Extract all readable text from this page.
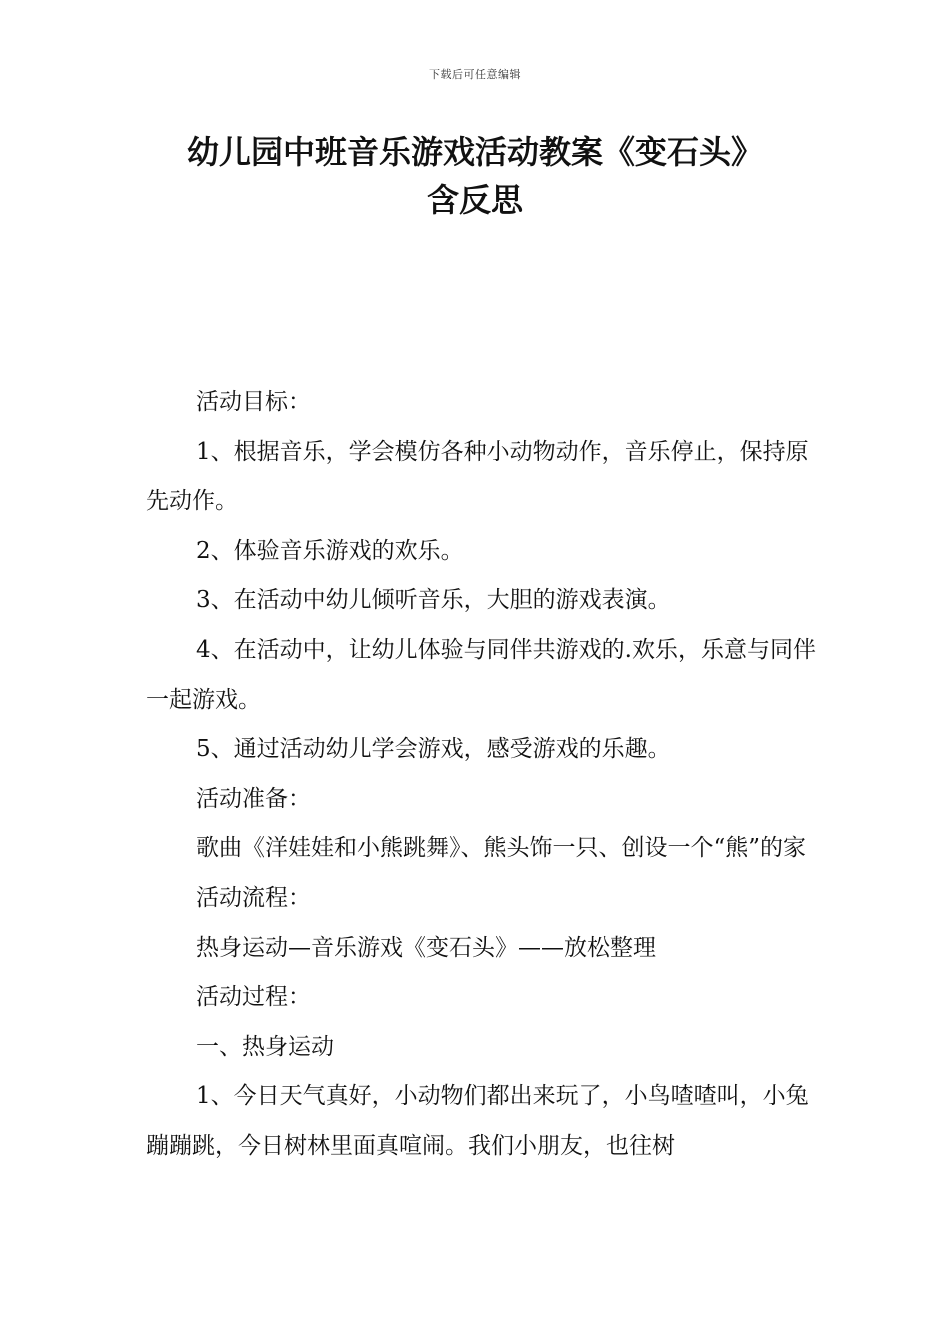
下载后可任意编辑
幼儿园中班音乐游戏活动教案《变石头》
含反思

活动目标：

1、根据音乐，学会模仿各种小动物动作，音乐停止，保持原先动作。

2、体验音乐游戏的欢乐。

3、在活动中幼儿倾听音乐，大胆的游戏表演。

4、在活动中，让幼儿体验与同伴共游戏的.欢乐，乐意与同伴一起游戏。

5、通过活动幼儿学会游戏，感受游戏的乐趣。

活动准备：

歌曲《洋娃娃和小熊跳舞》、熊头饰一只、创设一个“熊”的家

活动流程：

热身运动—音乐游戏《变石头》——放松整理

活动过程：

一、热身运动

1、今日天气真好，小动物们都出来玩了，小鸟喳喳叫，小兔蹦蹦跳，今日树林里面真喧闹。我们小朋友，也往树
